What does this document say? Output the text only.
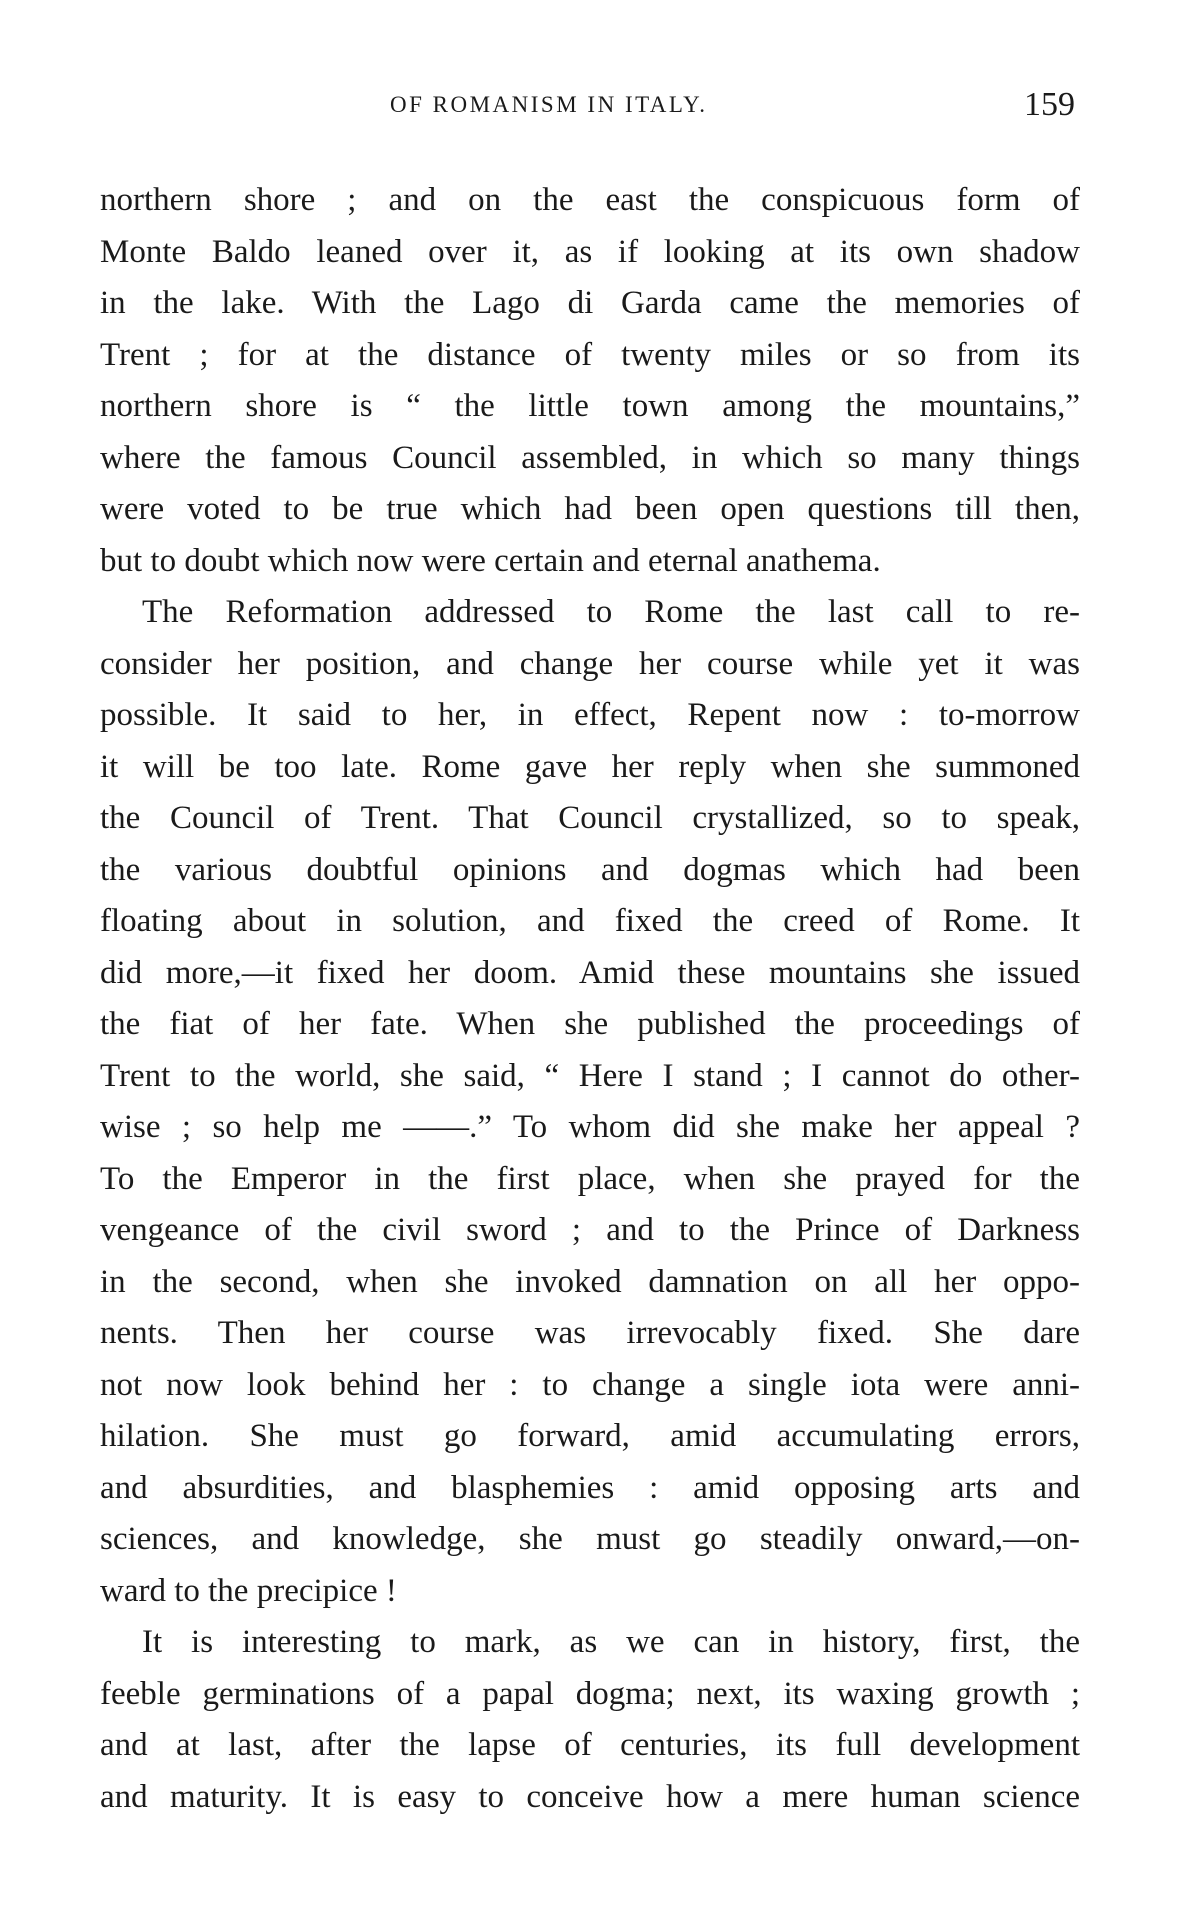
OF ROMANISM IN ITALY.	159
northern shore ; and on the east the conspicuous form of
Monte Baldo leaned over it, as if looking at its own shadow
in the lake. With the Lago di Garda came the memories of
Trent ; for at the distance of twenty miles or so from its
northern shore is “ the little town among the mountains,”
where the famous Council assembled, in which so many things
were voted to be true which had been open questions till then,
but to doubt which now were certain and eternal anathema.
The Reformation addressed to Rome the last call to re-
consider her position, and change her course while yet it was
possible. It said to her, in effect, Repent now : to-morrow
it will be too late. Rome gave her reply when she summoned
the Council of Trent. That Council crystallized, so to speak,
the various doubtful opinions and dogmas which had been
floating about in solution, and fixed the creed of Rome. It
did more,—it fixed her doom. Amid these mountains she issued
the fiat of her fate. When she published the proceedings of
Trent to the world, she said, “ Here I stand ; I cannot do other-
wise ; so help me ——.” To whom did she make her appeal ?
To the Emperor in the first place, when she prayed for the
vengeance of the civil sword ; and to the Prince of Darkness
in the second, when she invoked damnation on all her oppo-
nents. Then her course was irrevocably fixed. She dare
not now look behind her : to change a single iota were anni-
hilation. She must go forward, amid accumulating errors,
and absurdities, and blasphemies : amid opposing arts and
sciences, and knowledge, she must go steadily onward,—on-
ward to the precipice !
It is interesting to mark, as we can in history, first, the
feeble germinations of a papal dogma; next, its waxing growth ;
and at last, after the lapse of centuries, its full development
and maturity. It is easy to conceive how a mere human science
